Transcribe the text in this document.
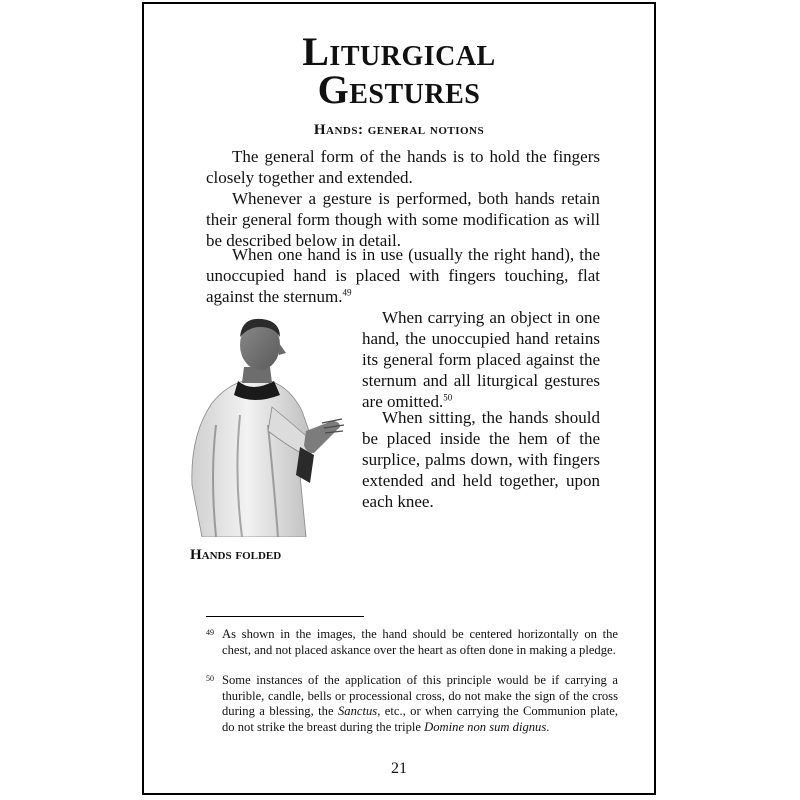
Liturgical
Gestures
Hands: general notions

The general form of the hands is to hold the fingers closely together and extended.

Whenever a gesture is performed, both hands retain their general form though with some modification as will be described below in detail.

When one hand is in use (usually the right hand), the unoccupied hand is placed with fingers touching, flat against the sternum.$^{49}$

When carrying an object in one hand, the unoccupied hand retains its general form placed against the sternum and all liturgical gestures are omitted.$^{50}$

When sitting, the hands should be placed inside the hem of the surplice, palms down, with fingers extended and held together, upon each knee.

Hands folded

49 As shown in the images, the hand should be centered horizontally on the chest, and not placed askance over the heart as often done in making a pledge.

50 Some instances of the application of this principle would be if carrying a thurible, candle, bells or processional cross, do not make the sign of the cross during a blessing, the Sanctus, etc., or when carrying the Communion plate, do not strike the breast during the triple Domine non sum dignus.

21
